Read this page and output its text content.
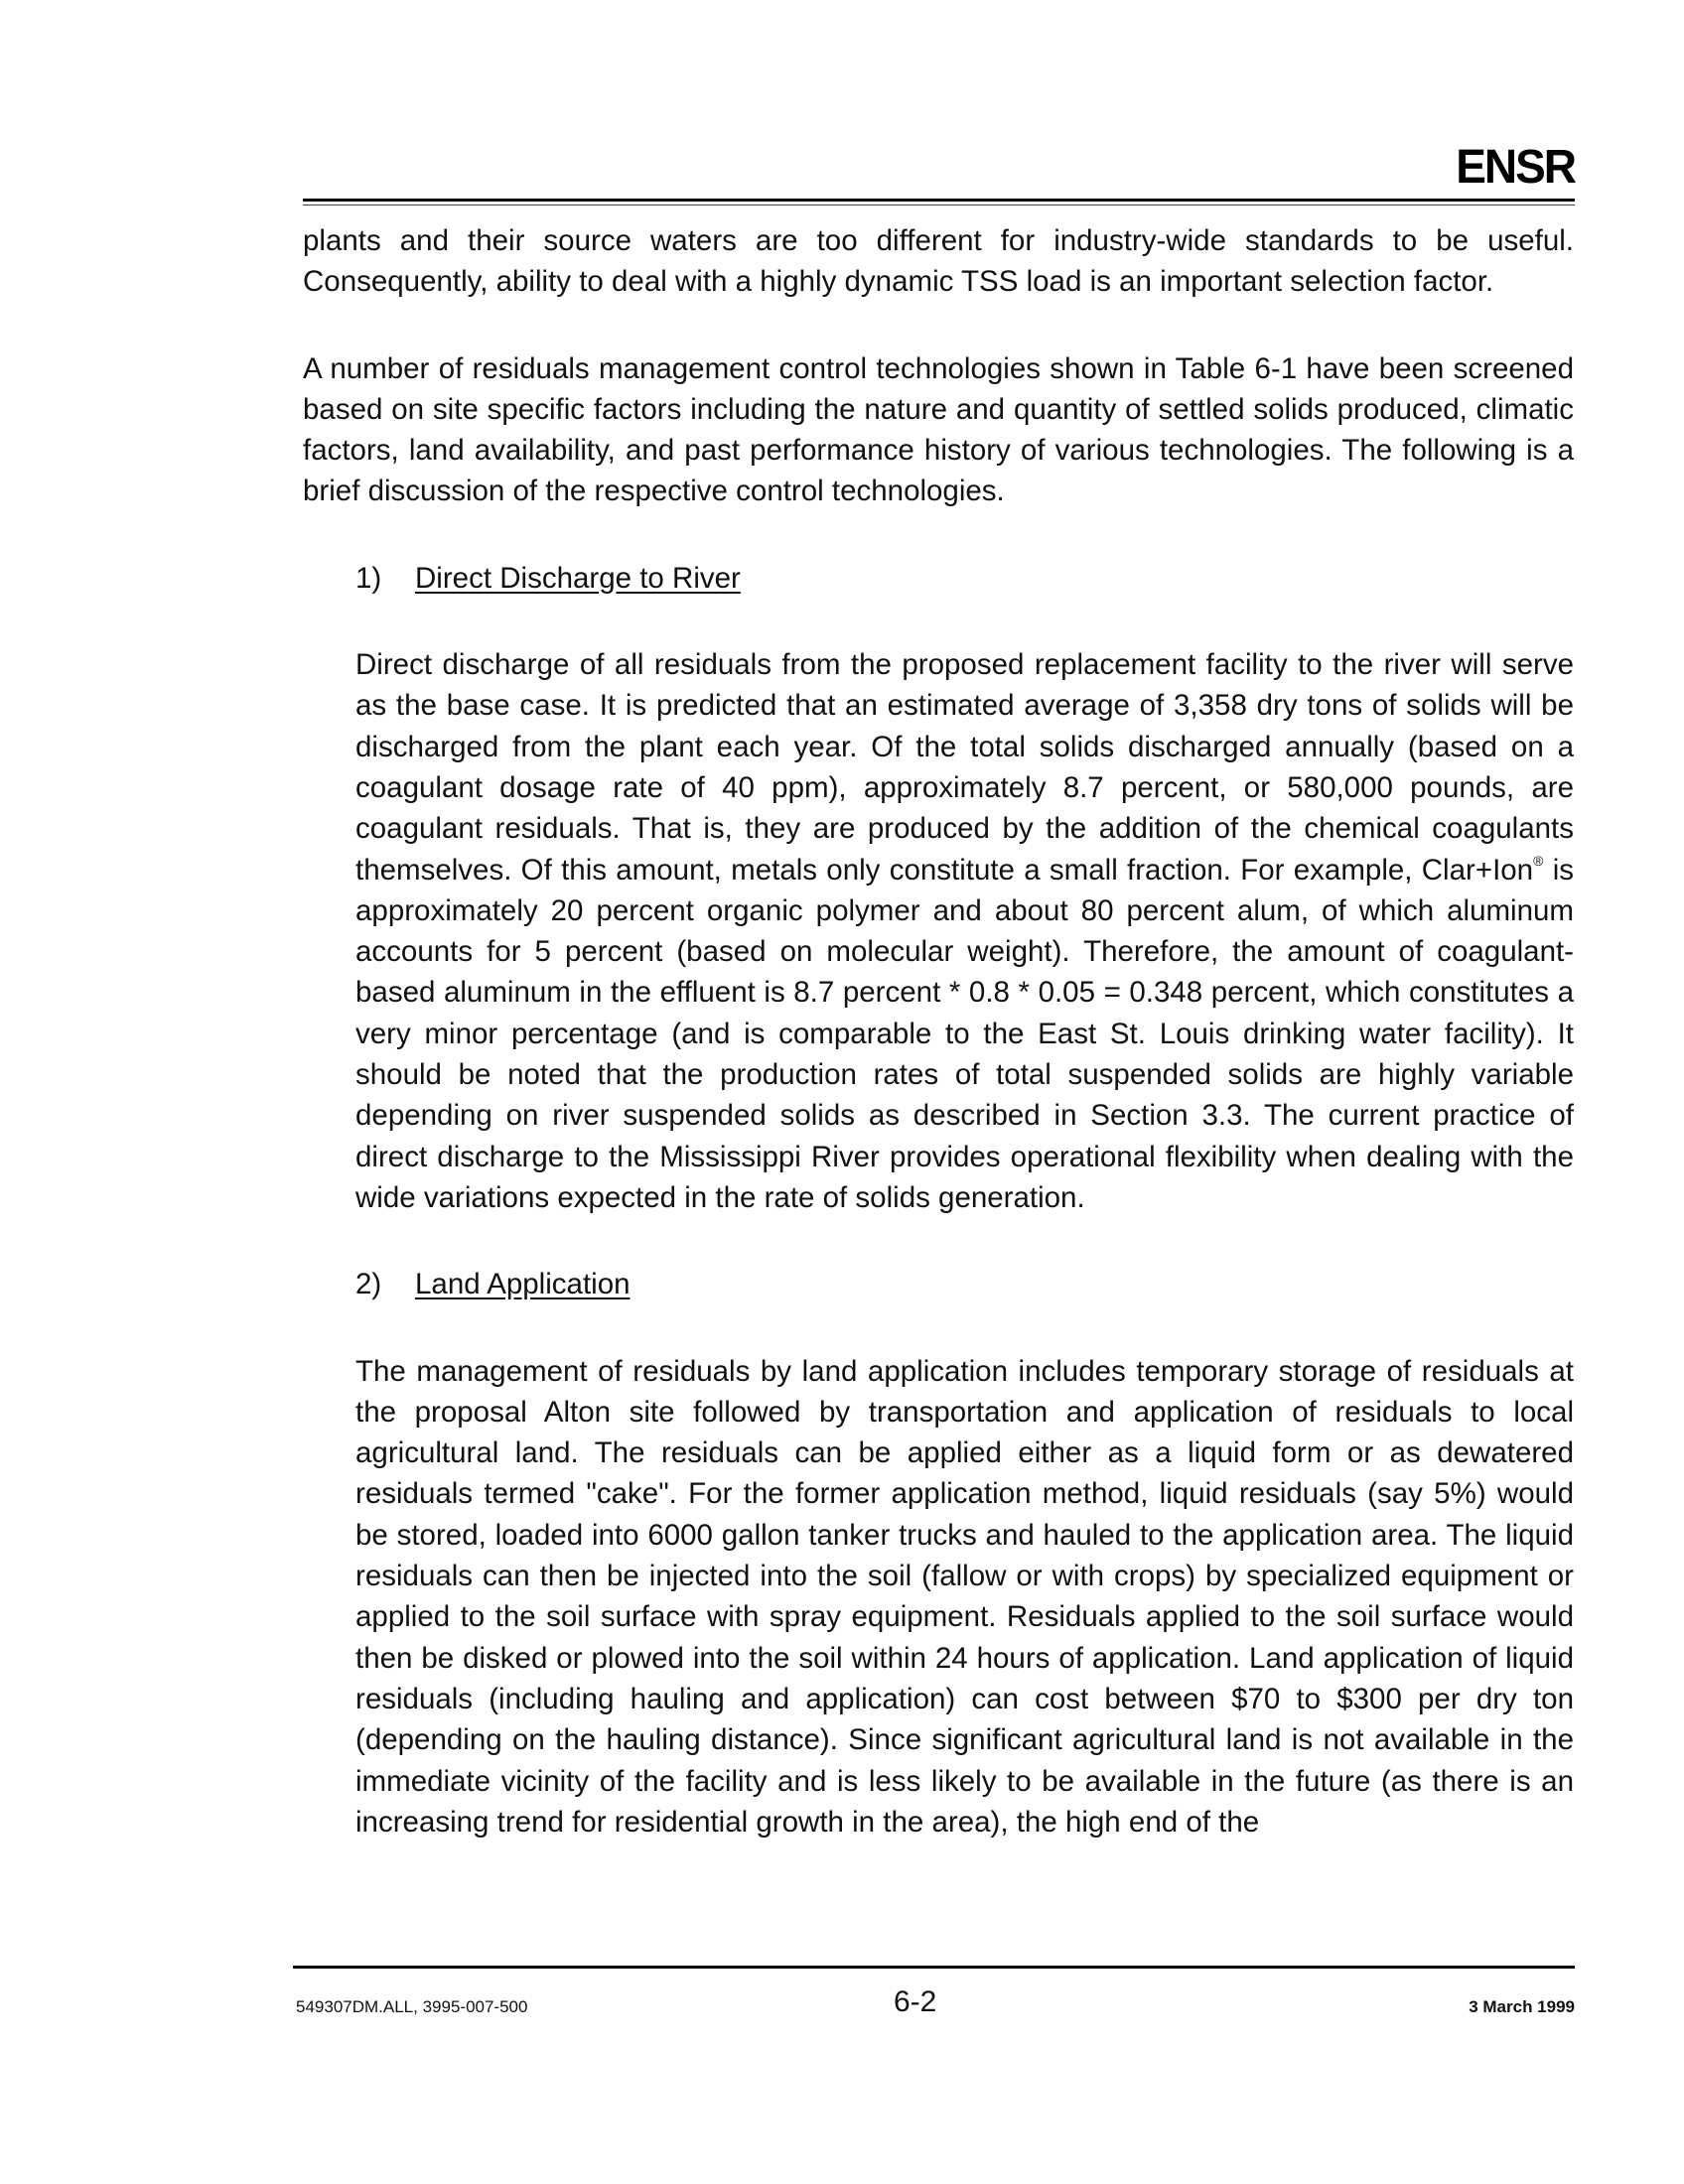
ENSR

plants and their source waters are too different for industry-wide standards to be useful. Consequently, ability to deal with a highly dynamic TSS load is an important selection factor.

A number of residuals management control technologies shown in Table 6-1 have been screened based on site specific factors including the nature and quantity of settled solids produced, climatic factors, land availability, and past performance history of various technologies. The following is a brief discussion of the respective control technologies.

1)	Direct Discharge to River

Direct discharge of all residuals from the proposed replacement facility to the river will serve as the base case. It is predicted that an estimated average of 3,358 dry tons of solids will be discharged from the plant each year. Of the total solids discharged annually (based on a coagulant dosage rate of 40 ppm), approximately 8.7 percent, or 580,000 pounds, are coagulant residuals. That is, they are produced by the addition of the chemical coagulants themselves. Of this amount, metals only constitute a small fraction. For example, Clar+Ion® is approximately 20 percent organic polymer and about 80 percent alum, of which aluminum accounts for 5 percent (based on molecular weight). Therefore, the amount of coagulant-based aluminum in the effluent is 8.7 percent * 0.8 * 0.05 = 0.348 percent, which constitutes a very minor percentage (and is comparable to the East St. Louis drinking water facility). It should be noted that the production rates of total suspended solids are highly variable depending on river suspended solids as described in Section 3.3. The current practice of direct discharge to the Mississippi River provides operational flexibility when dealing with the wide variations expected in the rate of solids generation.

2)	Land Application

The management of residuals by land application includes temporary storage of residuals at the proposal Alton site followed by transportation and application of residuals to local agricultural land. The residuals can be applied either as a liquid form or as dewatered residuals termed "cake". For the former application method, liquid residuals (say 5%) would be stored, loaded into 6000 gallon tanker trucks and hauled to the application area. The liquid residuals can then be injected into the soil (fallow or with crops) by specialized equipment or applied to the soil surface with spray equipment. Residuals applied to the soil surface would then be disked or plowed into the soil within 24 hours of application. Land application of liquid residuals (including hauling and application) can cost between $70 to $300 per dry ton (depending on the hauling distance). Since significant agricultural land is not available in the immediate vicinity of the facility and is less likely to be available in the future (as there is an increasing trend for residential growth in the area), the high end of the

549307DM.ALL, 3995-007-500	6-2	3 March 1999
